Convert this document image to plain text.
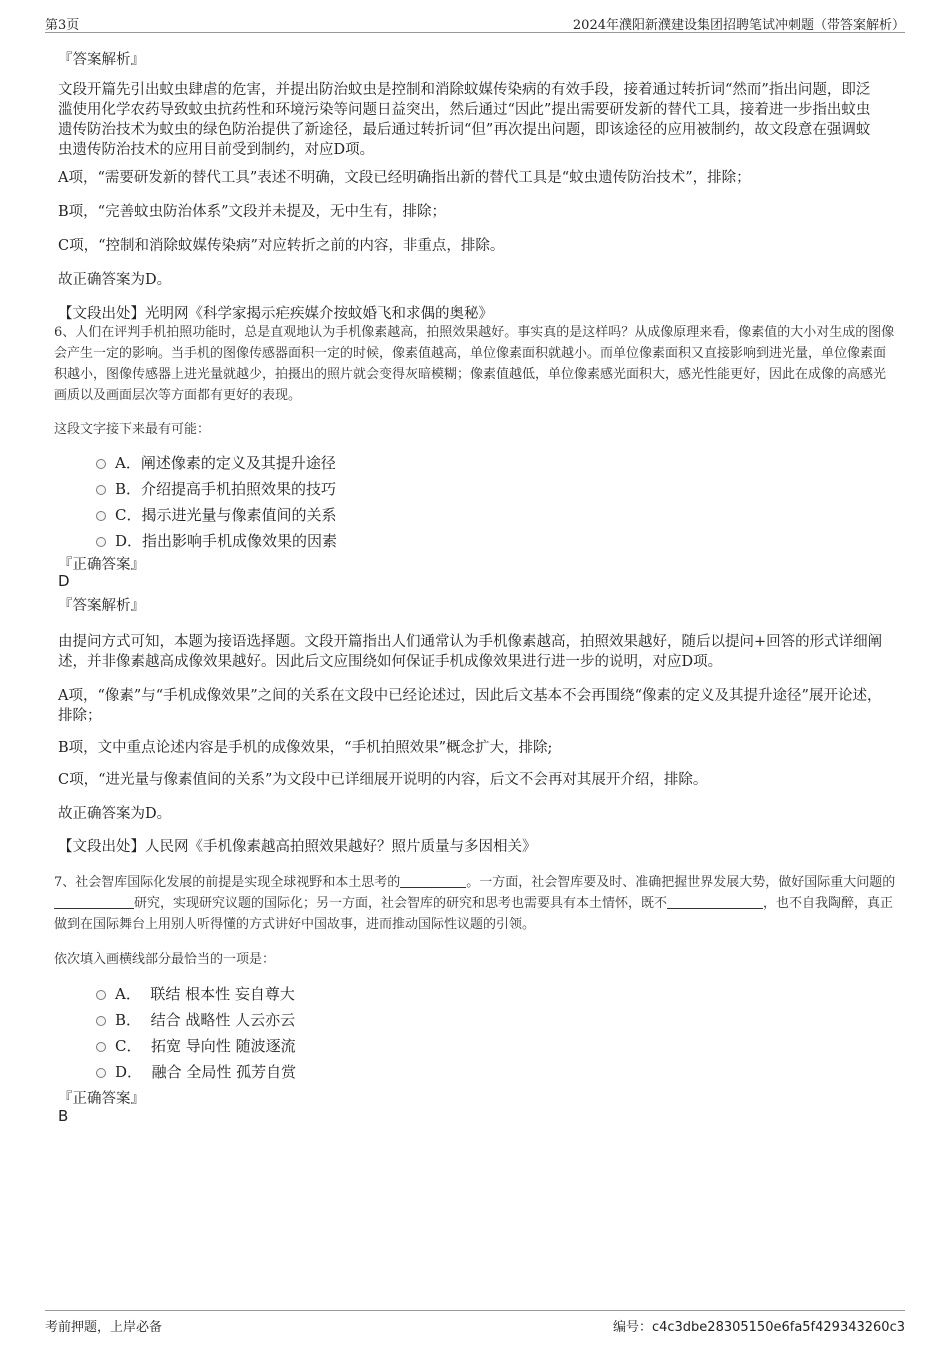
第3页	2024年濮阳新濮建设集团招聘笔试冲刺题（带答案解析）
『答案解析』
文段开篇先引出蚊虫肆虐的危害，并提出防治蚊虫是控制和消除蚊媒传染病的有效手段，接着通过转折词“然而”指出问题，即泛滥使用化学农药导致蚊虫抗药性和环境污染等问题日益突出，然后通过“因此”提出需要研发新的替代工具，接着进一步指出蚊虫遗传防治技术为蚊虫的绿色防治提供了新途径，最后通过转折词“但”再次提出问题，即该途径的应用被制约，故文段意在强调蚊虫遗传防治技术的应用目前受到制约，对应D项。
A项，“需要研发新的替代工具”表述不明确，文段已经明确指出新的替代工具是“蚊虫遗传防治技术”，排除；
B项，“完善蚊虫防治体系”文段并未提及，无中生有，排除；
C项，“控制和消除蚊媒传染病”对应转折之前的内容，非重点，排除。
故正确答案为D。
【文段出处】光明网《科学家揭示疟疾媒介按蚊婚飞和求偶的奥秘》
6、人们在评判手机拍照功能时，总是直观地认为手机像素越高，拍照效果越好。事实真的是这样吗？从成像原理来看，像素值的大小对生成的图像会产生一定的影响。当手机的图像传感器面积一定的时候，像素值越高，单位像素面积就越小。而单位像素面积又直接影响到进光量，单位像素面积越小，图像传感器上进光量就越少，拍摄出的照片就会变得灰暗模糊；像素值越低，单位像素感光面积大，感光性能更好，因此在成像的高感光画质以及画面层次等方面都有更好的表现。
这段文字接下来最有可能：
A．阐述像素的定义及其提升途径
B．介绍提高手机拍照效果的技巧
C．揭示进光量与像素值间的关系
D．指出影响手机成像效果的因素
『正确答案』
D
『答案解析』
由提问方式可知，本题为接语选择题。文段开篇指出人们通常认为手机像素越高，拍照效果越好，随后以提问+回答的形式详细阐述，并非像素越高成像效果越好。因此后文应围绕如何保证手机成像效果进行进一步的说明，对应D项。
A项，“像素”与“手机成像效果”之间的关系在文段中已经论述过，因此后文基本不会再围绕“像素的定义及其提升途径”展开论述，排除；
B项，文中重点论述内容是手机的成像效果，“手机拍照效果”概念扩大，排除;
C项，“进光量与像素值间的关系”为文段中已详细展开说明的内容，后文不会再对其展开介绍，排除。
故正确答案为D。
【文段出处】人民网《手机像素越高拍照效果越好？照片质量与多因相关》
7、社会智库国际化发展的前提是实现全球视野和本土思考的	。一方面，社会智库要及时、准确把握世界发展大势，做好国际重大问题的研究，实现研究议题的国际化；另一方面，社会智库的研究和思考也需要具有本土情怀，既不	，也不自我陶醉，真正做到在国际舞台上用别人听得懂的方式讲好中国故事，进而推动国际性议题的引领。
依次填入画横线部分最恰当的一项是：
A． 联结 根本性 妄自尊大
B． 结合 战略性 人云亦云
C． 拓宽 导向性 随波逐流
D． 融合 全局性 孤芳自赏
『正确答案』
B
考前押题，上岸必备	编号：c4c3dbe28305150e6fa5f429343260c3
